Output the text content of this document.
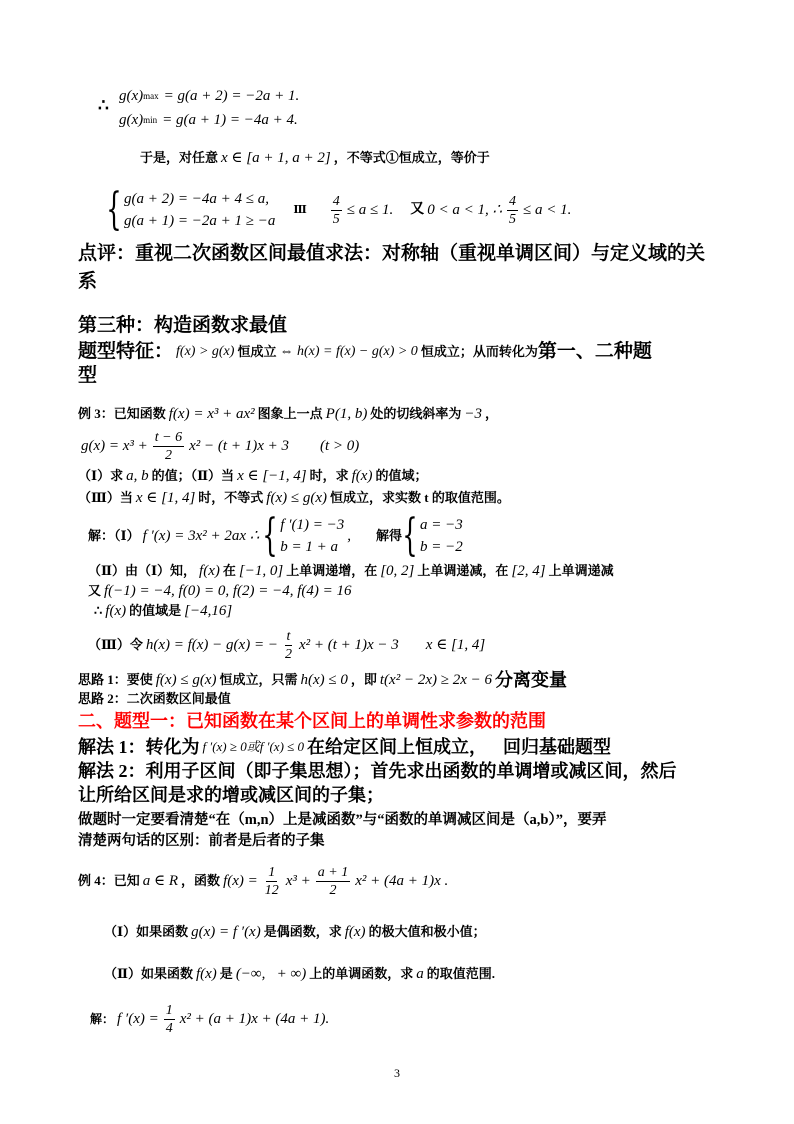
∴ g(x) max = g(a + 2) = −2a + 1.
g(x) min = g(a + 1) = −4a + 4.
于是，对任意 x ∈ [a + 1, a + 2] ，不等式①恒成立，等价于
{ g(a + 2) = −4a + 4 ≤ a,
g(a + 1) = −2a + 1 ≥ −a
Ⅲ $\frac{4}{5} \le a \le 1$. 又 0 < a < 1, ∴ $\frac{4}{5} \le a < 1$.
点评：重视二次函数区间最值求法：对称轴（重视单调区间）与定义域的关
系
第三种：构造函数求最值
题型特征： f(x) > g(x) 恒成立 ⇔ h(x) = f(x) − g(x) > 0 恒成立；从而转化为 第一、二种题
型
例 3：已知函数 f(x) = x³ + ax² 图象上一点 P(1, b) 处的切线斜率为 −3 ，
$g(x) = x^3 + \frac{t - 6}{2} x^2 - (t + 1)x + 3$ (t > 0)
（Ⅰ）求 a, b 的值；（Ⅱ）当 x ∈ [−1, 4] 时，求 f(x) 的值域；
（Ⅲ）当 x ∈ [1, 4] 时，不等式 f(x) ≤ g(x) 恒成立，求实数 t 的取值范围。
解：（Ⅰ） f ′(x) = 3x² + 2ax ∴ { f ′(1) = −3
b = 1 + a
, 解得 { a = −3
b = −2
（Ⅱ）由（Ⅰ）知， f(x) 在 [−1, 0] 上单调递增，在 [0, 2] 上单调递减，在 [2, 4] 上单调递减
又 f(−1) = −4, f(0) = 0, f(2) = −4, f(4) = 16
∴ f(x) 的值域是 [−4,16]
（Ⅲ）令 h(x) = f(x) − g(x) = − $\frac{t}{2} x^2 + (t + 1)x - 3$ x ∈ [1, 4]
思路 1：要使 f(x) ≤ g(x) 恒成立，只需 h(x) ≤ 0 ，即 t(x² − 2x) ≥ 2x − 6 分离变量
思路 2：二次函数区间最值
二、题型一：已知函数在某个区间上的单调性求参数的范围
解法 1：转化为 f ′(x) ≥ 0或f ′(x) ≤ 0 在给定区间上恒成立， 回归基础题型
解法 2：利用子区间（即子集思想）；首先求出函数的单调增或减区间，然后
让所给区间是求的增或减区间的子集；
做题时一定要看清楚“在（m,n）上是减函数”与“函数的单调减区间是（a,b）”，要弄
清楚两句话的区别：前者是后者的子集
例 4：已知 a ∈ R ，函数 $f(x) = \frac{1}{12} x^3 + \frac{a + 1}{2} x^2 + (4a + 1)x$ .
（Ⅰ）如果函数 g(x) = f ′(x) 是偶函数，求 f(x) 的极大值和极小值；
（Ⅱ）如果函数 f(x) 是 (−∞,   + ∞) 上的单调函数，求 a 的取值范围.
解： f $'(x) = \frac{1}{4} x^2 + (a + 1)x + (4a + 1)$.
3
